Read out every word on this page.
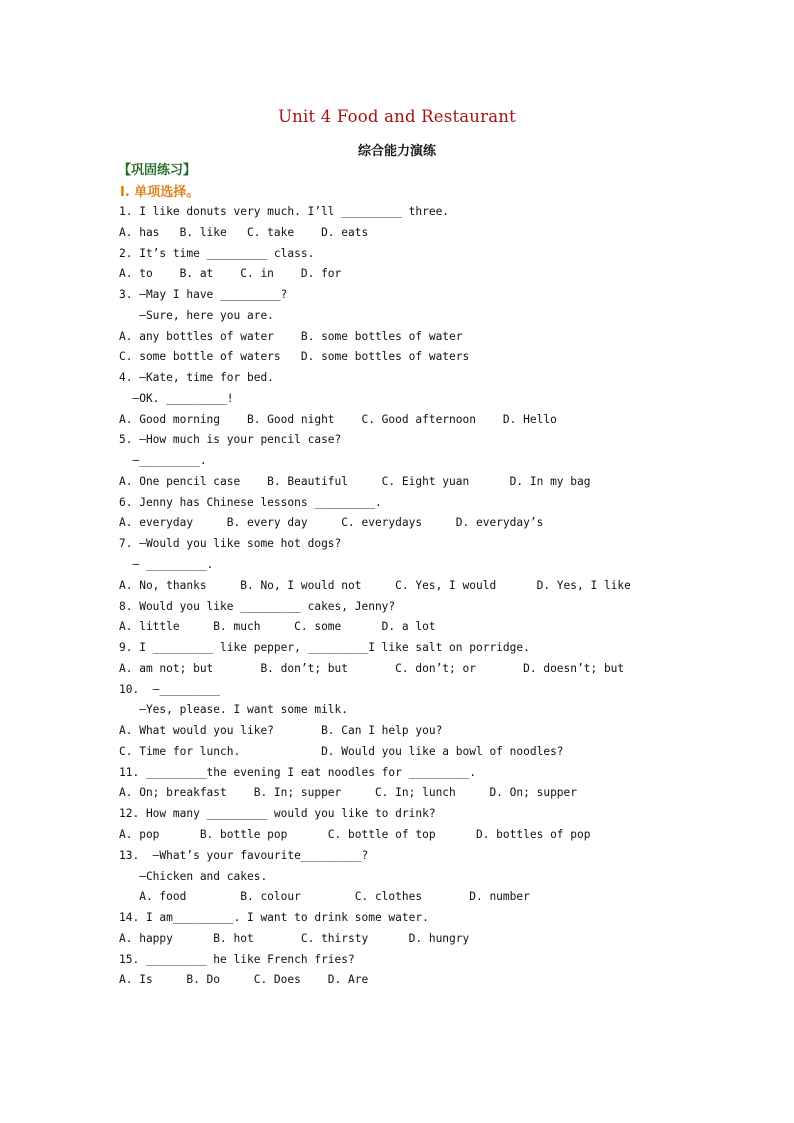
Unit 4 Food and Restaurant
综合能力演练
【巩固练习】
I. 单项选择。
1. I like donuts very much. I’ll _________ three.
A. has   B. like   C. take    D. eats
2. It’s time _________ class.
A. to    B. at    C. in    D. for
3. —May I have _________?
—Sure, here you are.
A. any bottles of water    B. some bottles of water
C. some bottle of waters   D. some bottles of waters
4. —Kate, time for bed.
—OK. _________!
A. Good morning    B. Good night    C. Good afternoon    D. Hello
5. —How much is your pencil case?
—_________.
A. One pencil case    B. Beautiful     C. Eight yuan      D. In my bag
6. Jenny has Chinese lessons _________.
A. everyday     B. every day     C. everydays     D. everyday’s
7. —Would you like some hot dogs?
— _________.
A. No, thanks     B. No, I would not     C. Yes, I would      D. Yes, I like
8. Would you like _________ cakes, Jenny?
A. little     B. much     C. some      D. a lot
9. I _________ like pepper, _________I like salt on porridge.
A. am not; but       B. don’t; but       C. don’t; or       D. doesn’t; but
10.  —_________
—Yes, please. I want some milk.
A. What would you like?       B. Can I help you?
C. Time for lunch.            D. Would you like a bowl of noodles?
11. _________the evening I eat noodles for _________.
A. On; breakfast    B. In; supper     C. In; lunch     D. On; supper
12. How many _________ would you like to drink?
A. pop      B. bottle pop      C. bottle of top      D. bottles of pop
13.  —What’s your favourite_________?
—Chicken and cakes.
A. food        B. colour        C. clothes       D. number
14. I am_________. I want to drink some water.
A. happy      B. hot       C. thirsty      D. hungry
15. _________ he like French fries?
A. Is     B. Do     C. Does    D. Are
